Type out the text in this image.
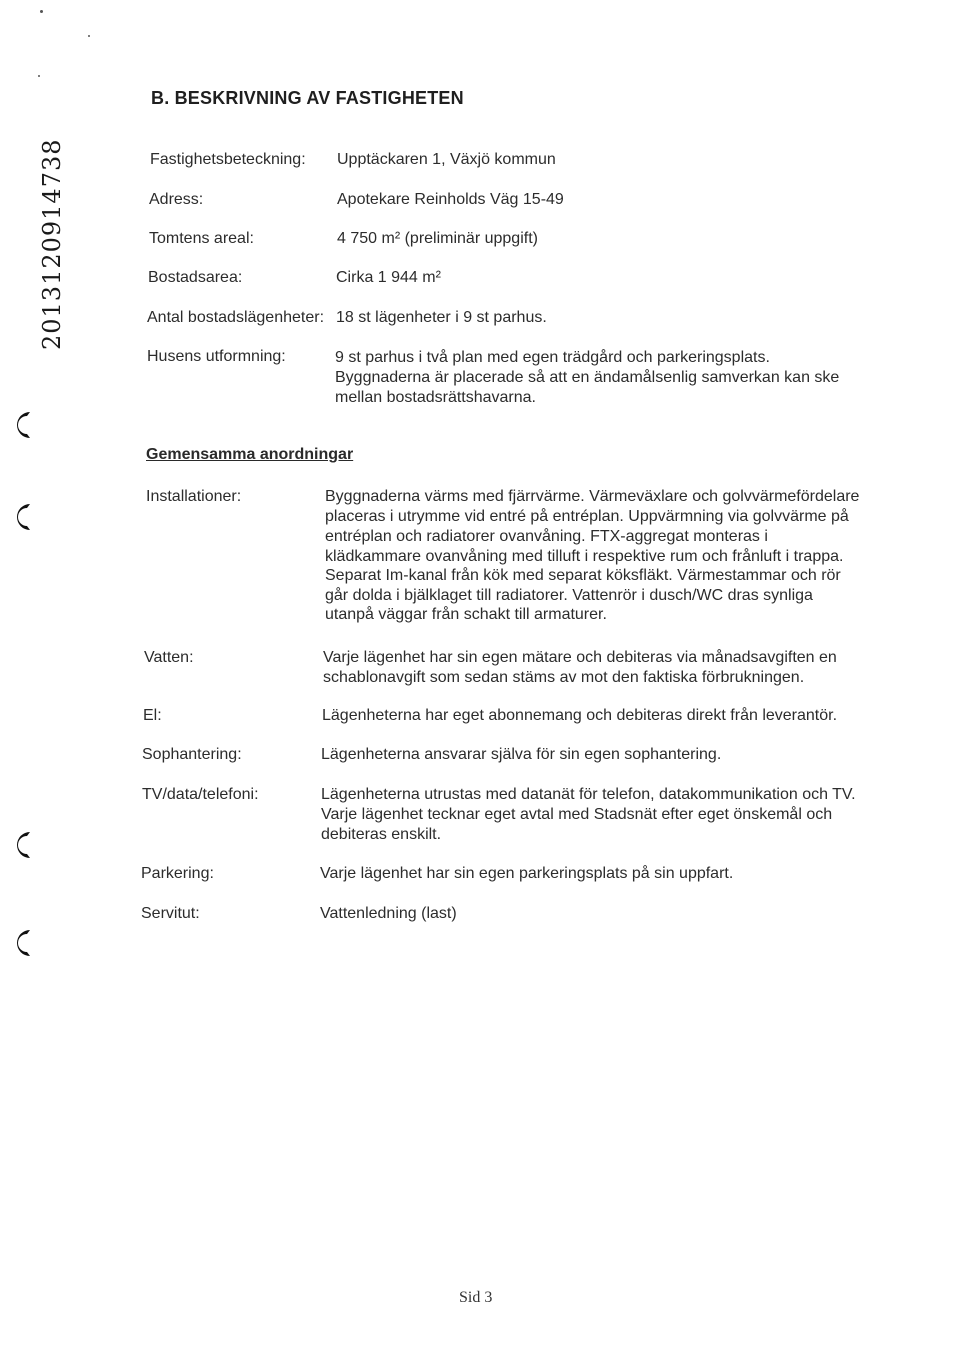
2013120914738
B. BESKRIVNING AV FASTIGHETEN
Fastighetsbeteckning: Upptäckaren 1, Växjö kommun
Adress:	Apotekare Reinholds Väg 15-49
Tomtens areal:	4 750 m² (preliminär uppgift)
Bostadsarea:	Cirka 1 944 m²
Antal bostadslägenheter: 18 st lägenheter i 9 st parhus.
Husens utformning:	9 st parhus i två plan med egen trädgård och parkeringsplats.
Byggnaderna är placerade så att en ändamålsenlig samverkan kan ske
mellan bostadsrättshavarna.
Gemensamma anordningar
Installationer:	Byggnaderna värms med fjärrvärme. Värmeväxlare och golvvärmefördelare
placeras i utrymme vid entré på entréplan. Uppvärmning via golvvärme på
entréplan och radiatorer ovanvåning. FTX-aggregat monteras i
klädkammare ovanvåning med tilluft i respektive rum och frånluft i trappa.
Separat Im-kanal från kök med separat köksfläkt. Värmestammar och rör
går dolda i bjälklaget till radiatorer. Vattenrör i dusch/WC dras synliga
utanpå väggar från schakt till armaturer.
Vatten:	Varje lägenhet har sin egen mätare och debiteras via månadsavgiften en
schablonavgift som sedan stäms av mot den faktiska förbrukningen.
El:	Lägenheterna har eget abonnemang och debiteras direkt från leverantör.
Sophantering:	Lägenheterna ansvarar själva för sin egen sophantering.
TV/data/telefoni:	Lägenheterna utrustas med datanät för telefon, datakommunikation och TV.
Varje lägenhet tecknar eget avtal med Stadsnät efter eget önskemål och
debiteras enskilt.
Parkering:	Varje lägenhet har sin egen parkeringsplats på sin uppfart.
Servitut:	Vattenledning (last)
Sid 3
